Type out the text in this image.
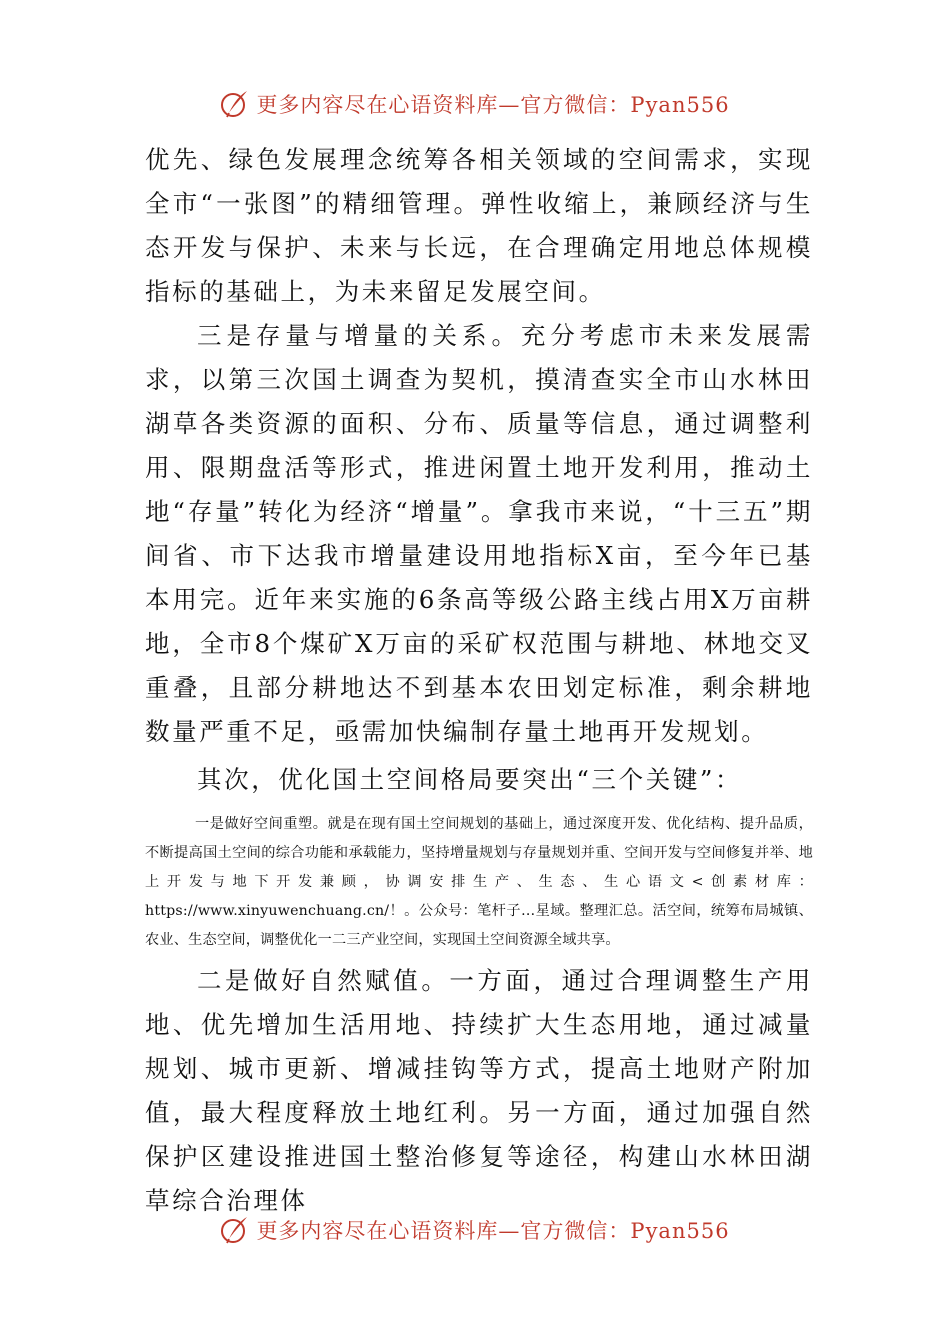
更多内容尽在心语资料库—官方微信：Pyan556

优先、绿色发展理念统筹各相关领域的空间需求，实现全市“一张图”的精细管理。弹性收缩上，兼顾经济与生态开发与保护、未来与长远，在合理确定用地总体规模指标的基础上，为未来留足发展空间。

三是存量与增量的关系。充分考虑市未来发展需求，以第三次国土调查为契机，摸清查实全市山水林田湖草各类资源的面积、分布、质量等信息，通过调整利用、限期盘活等形式，推进闲置土地开发利用，推动土地“存量”转化为经济“增量”。拿我市来说，“十三五”期间省、市下达我市增量建设用地指标X亩，至今年已基本用完。近年来实施的6条高等级公路主线占用X万亩耕地，全市8个煤矿X万亩的采矿权范围与耕地、林地交叉重叠，且部分耕地达不到基本农田划定标准，剩余耕地数量严重不足，亟需加快编制存量土地再开发规划。

其次，优化国土空间格局要突出“三个关键”：

一是做好空间重塑。就是在现有国土空间规划的基础上，通过深度开发、优化结构、提升品质，不断提高国土空间的综合功能和承载能力，坚持增量规划与存量规划并重、空间开发与空间修复并举、地上开发与地下开发兼顾，协调安排生产、生态、生心语文<创素材库：https://www.xinyuwenchuang.cn/！。公众号：笔杆子…星域。整理汇总。活空间，统筹布局城镇、农业、生态空间，调整优化一二三产业空间，实现国土空间资源全域共享。

二是做好自然赋值。一方面，通过合理调整生产用地、优先增加生活用地、持续扩大生态用地，通过减量规划、城市更新、增减挂钩等方式，提高土地财产附加值，最大程度释放土地红利。另一方面，通过加强自然保护区建设推进国土整治修复等途径，构建山水林田湖草综合治理体

更多内容尽在心语资料库—官方微信：Pyan556
